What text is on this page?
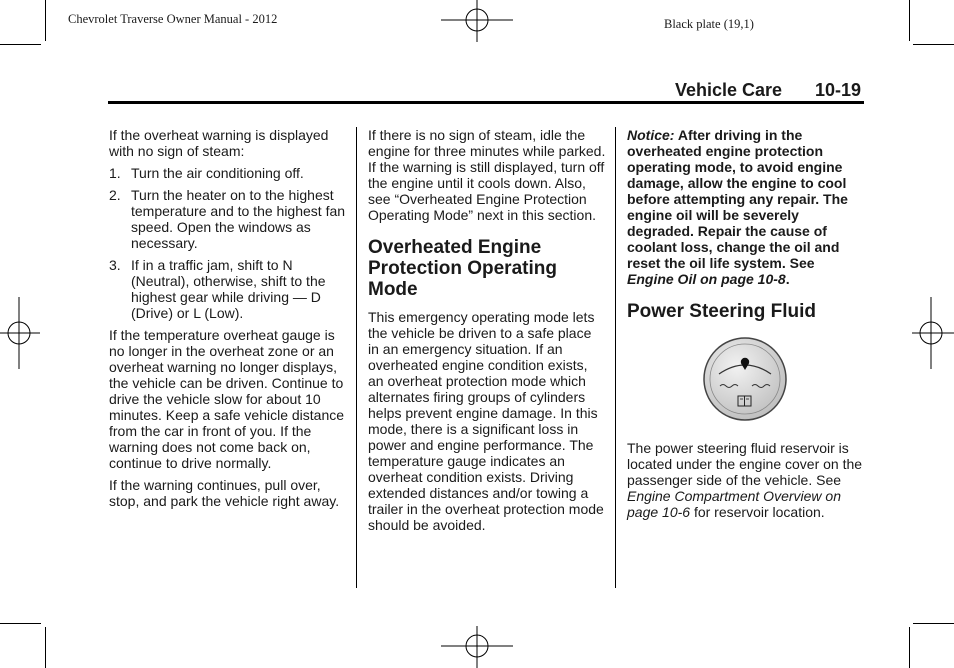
Chevrolet Traverse Owner Manual - 2012	Black plate (19,1)
Vehicle Care 10-19

If the overheat warning is displayed with no sign of steam:

1. Turn the air conditioning off.
2. Turn the heater on to the highest temperature and to the highest fan speed. Open the windows as necessary.
3. If in a traffic jam, shift to N (Neutral), otherwise, shift to the highest gear while driving — D (Drive) or L (Low).

If the temperature overheat gauge is no longer in the overheat zone or an overheat warning no longer displays, the vehicle can be driven. Continue to drive the vehicle slow for about 10 minutes. Keep a safe vehicle distance from the car in front of you. If the warning does not come back on, continue to drive normally.

If the warning continues, pull over, stop, and park the vehicle right away.

If there is no sign of steam, idle the engine for three minutes while parked. If the warning is still displayed, turn off the engine until it cools down. Also, see “Overheated Engine Protection Operating Mode” next in this section.

Overheated Engine Protection Operating Mode

This emergency operating mode lets the vehicle be driven to a safe place in an emergency situation. If an overheated engine condition exists, an overheat protection mode which alternates firing groups of cylinders helps prevent engine damage. In this mode, there is a significant loss in power and engine performance. The temperature gauge indicates an overheat condition exists. Driving extended distances and/or towing a trailer in the overheat protection mode should be avoided.

Notice: After driving in the overheated engine protection operating mode, to avoid engine damage, allow the engine to cool before attempting any repair. The engine oil will be severely degraded. Repair the cause of coolant loss, change the oil and reset the oil life system. See Engine Oil on page 10-8.

Power Steering Fluid

The power steering fluid reservoir is located under the engine cover on the passenger side of the vehicle. See Engine Compartment Overview on page 10-6 for reservoir location.
